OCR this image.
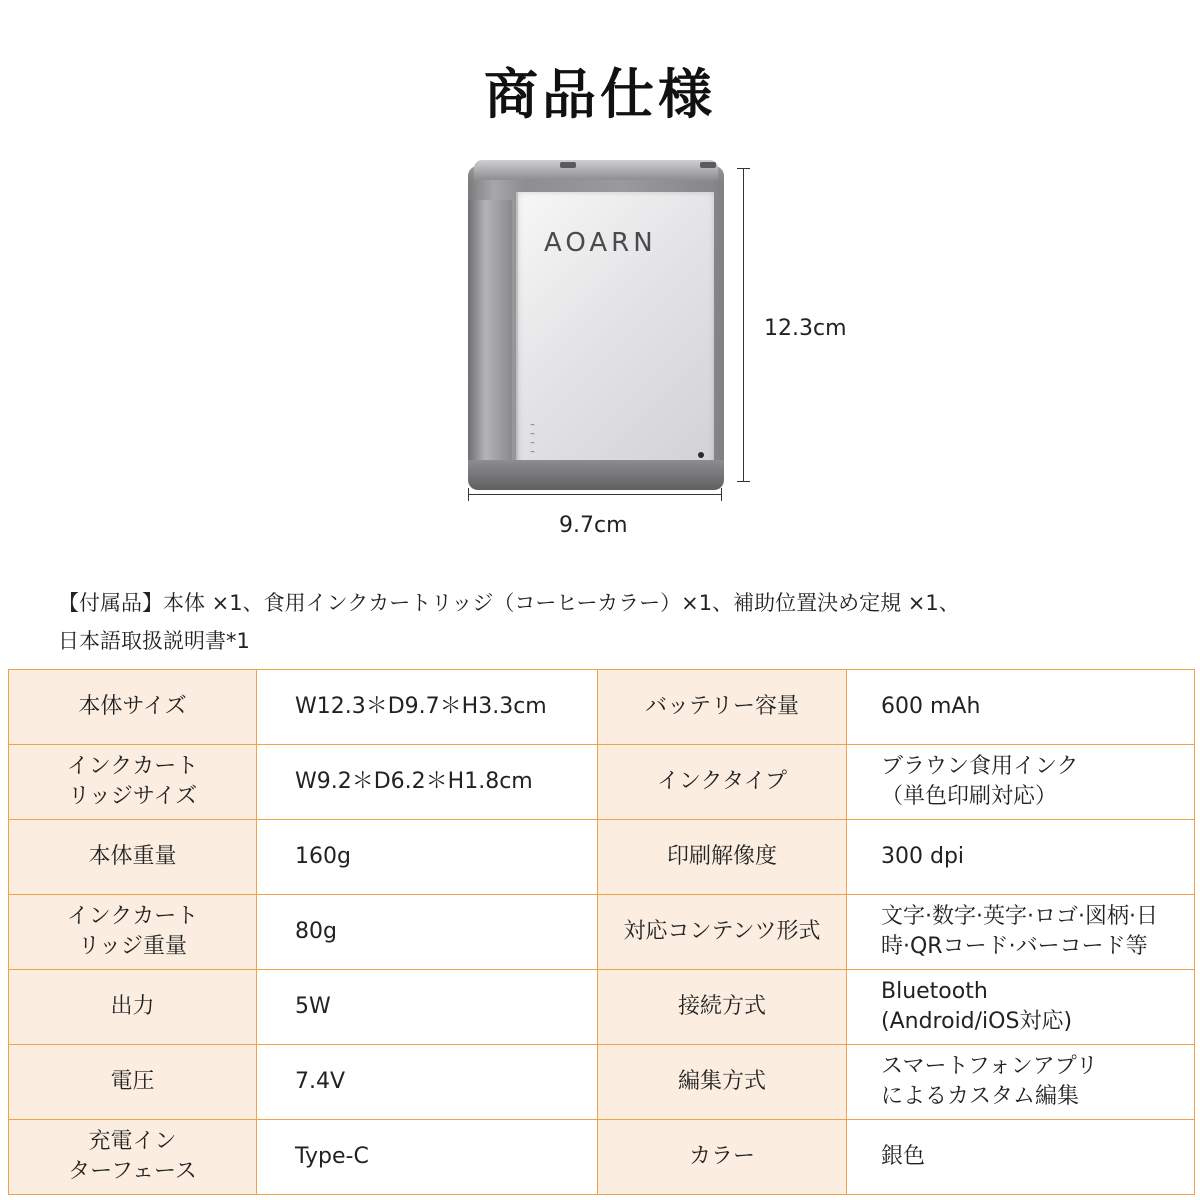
商品仕様
AOARN
12.3cm
9.7cm
【付属品】本体 ×1、食用インクカートリッジ（コーヒーカラー）×1、補助位置決め定規 ×1、
日本語取扱説明書*1
本体サイズ	W12.3＊D9.7＊H3.3cm	バッテリー容量	600 mAh
インクカート
リッジサイズ	W9.2＊D6.2＊H1.8cm	インクタイプ	ブラウン食用インク
（単色印刷対応）
本体重量	160g	印刷解像度	300 dpi
インクカート
リッジ重量	80g	対応コンテンツ形式	文字·数字·英字·ロゴ·図柄·日
時·QRコード·バーコード等
出力	5W	接続方式	Bluetooth
(Android/iOS対応)
電圧	7.4V	編集方式	スマートフォンアプリ
によるカスタム編集
充電イン
ターフェース	Type-C	カラー	銀色
